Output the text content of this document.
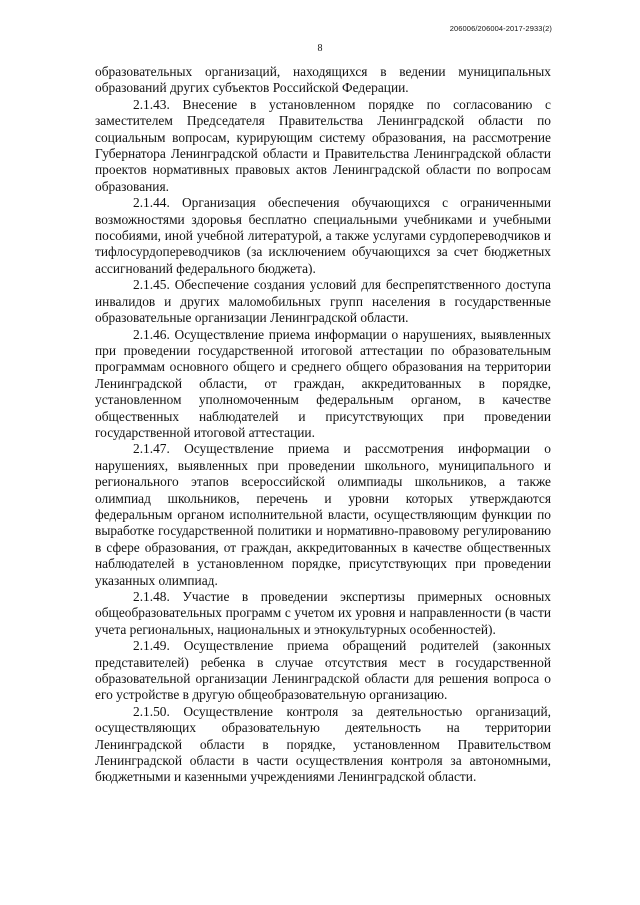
206006/206004-2017-2933(2)
8

образовательных организаций, находящихся в ведении муниципальных образований других субъектов Российской Федерации.

2.1.43. Внесение в установленном порядке по согласованию с заместителем Председателя Правительства Ленинградской области по социальным вопросам, курирующим систему образования, на рассмотрение Губернатора Ленинградской области и Правительства Ленинградской области проектов нормативных правовых актов Ленинградской области по вопросам образования.

2.1.44. Организация обеспечения обучающихся с ограниченными возможностями здоровья бесплатно специальными учебниками и учебными пособиями, иной учебной литературой, а также услугами сурдопереводчиков и тифлосурдопереводчиков (за исключением обучающихся за счет бюджетных ассигнований федерального бюджета).

2.1.45. Обеспечение создания условий для беспрепятственного доступа инвалидов и других маломобильных групп населения в государственные образовательные организации Ленинградской области.

2.1.46. Осуществление приема информации о нарушениях, выявленных при проведении государственной итоговой аттестации по образовательным программам основного общего и среднего общего образования на территории Ленинградской области, от граждан, аккредитованных в порядке, установленном уполномоченным федеральным органом, в качестве общественных наблюдателей и присутствующих при проведении государственной итоговой аттестации.

2.1.47. Осуществление приема и рассмотрения информации о нарушениях, выявленных при проведении школьного, муниципального и регионального этапов всероссийской олимпиады школьников, а также олимпиад школьников, перечень и уровни которых утверждаются федеральным органом исполнительной власти, осуществляющим функции по выработке государственной политики и нормативно-правовому регулированию в сфере образования, от граждан, аккредитованных в качестве общественных наблюдателей в установленном порядке, присутствующих при проведении указанных олимпиад.

2.1.48. Участие в проведении экспертизы примерных основных общеобразовательных программ с учетом их уровня и направленности (в части учета региональных, национальных и этнокультурных особенностей).

2.1.49. Осуществление приема обращений родителей (законных представителей) ребенка в случае отсутствия мест в государственной образовательной организации Ленинградской области для решения вопроса о его устройстве в другую общеобразовательную организацию.

2.1.50. Осуществление контроля за деятельностью организаций, осуществляющих образовательную деятельность на территории Ленинградской области в порядке, установленном Правительством Ленинградской области в части осуществления контроля за автономными, бюджетными и казенными учреждениями Ленинградской области.
